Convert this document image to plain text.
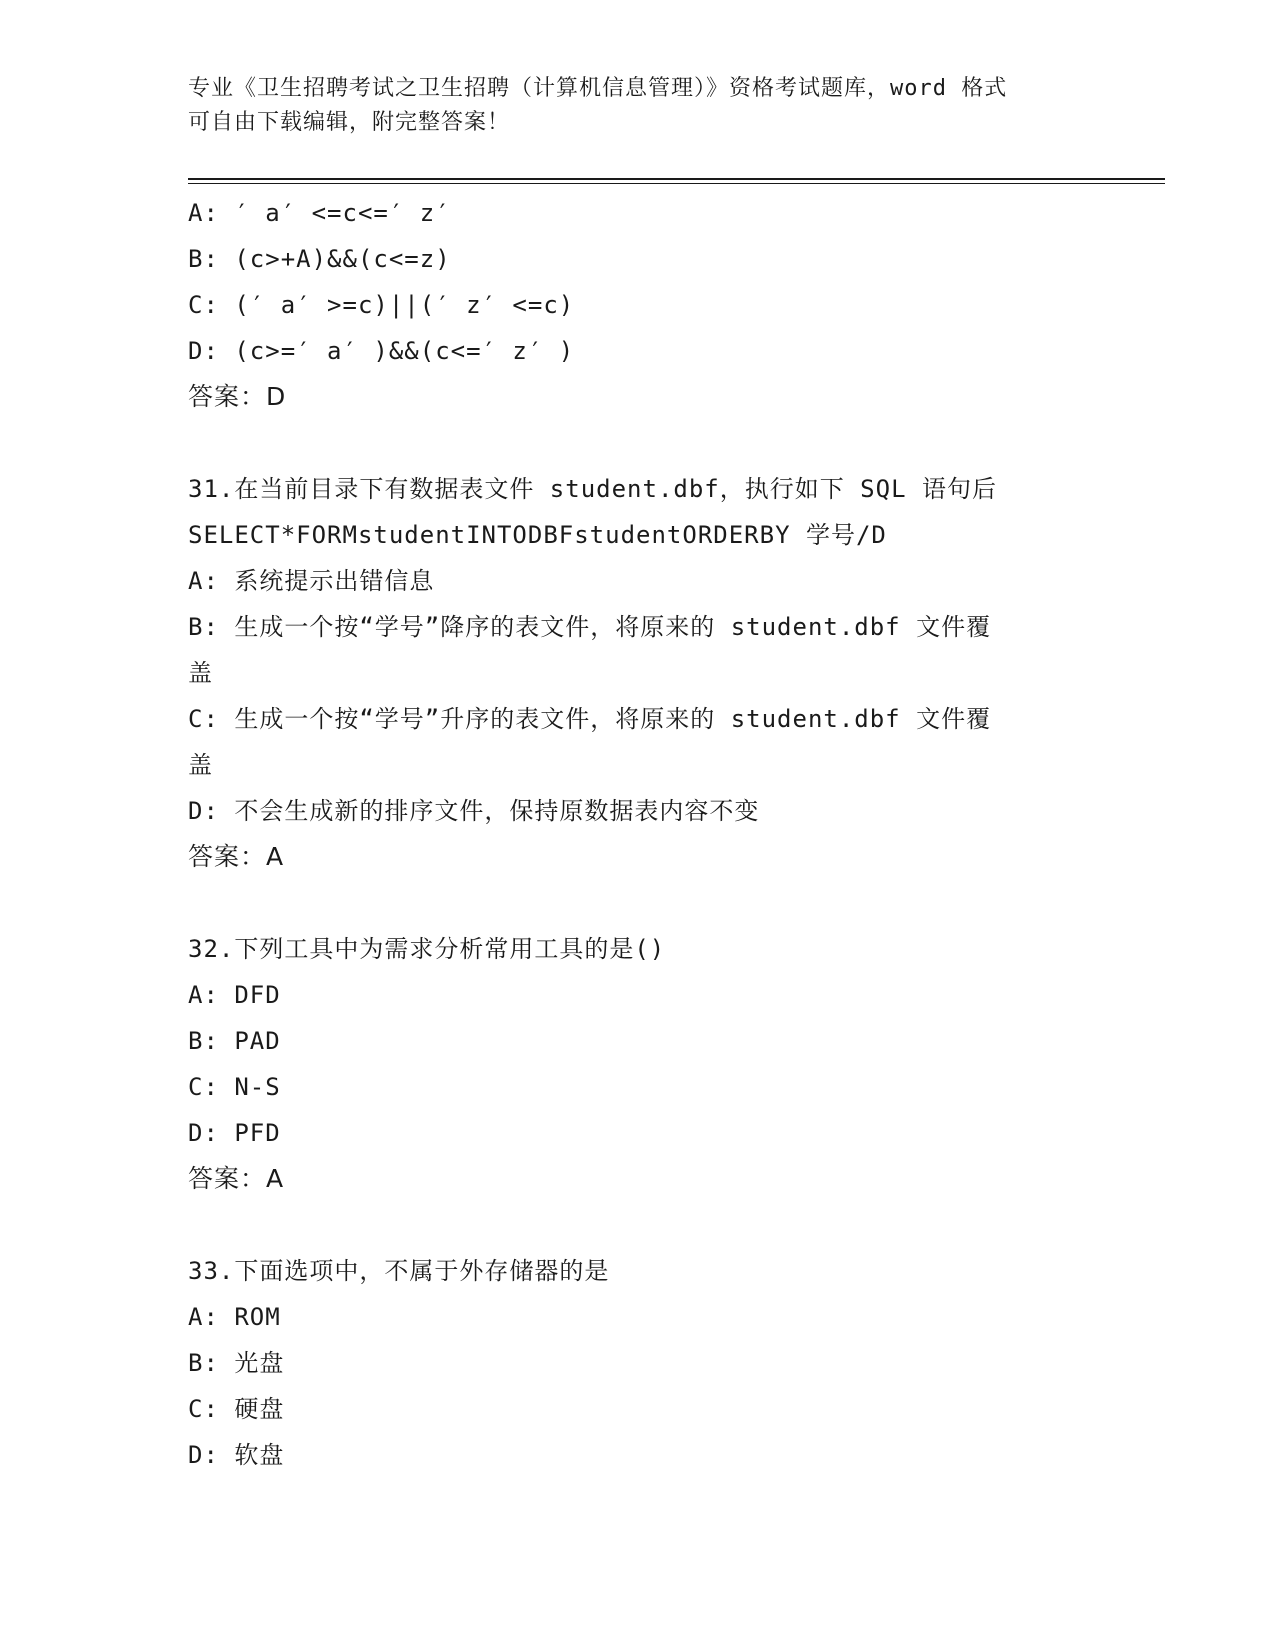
专业《卫生招聘考试之卫生招聘（计算机信息管理）》资格考试题库，word 格式
可自由下载编辑，附完整答案！
A: ′ a′ <=c<=′ z′
B: (c>+A)&&(c<=z)
C: (′ a′ >=c)||(′ z′ <=c)
D: (c>=′ a′ )&&(c<=′ z′ )
答案：D
31.在当前目录下有数据表文件 student.dbf，执行如下 SQL 语句后
SELECT*FORMstudentINTODBFstudentORDERBY 学号/D
A: 系统提示出错信息
B: 生成一个按“学号”降序的表文件，将原来的 student.dbf 文件覆
盖
C: 生成一个按“学号”升序的表文件，将原来的 student.dbf 文件覆
盖
D: 不会生成新的排序文件，保持原数据表内容不变
答案：A
32.下列工具中为需求分析常用工具的是()
A: DFD
B: PAD
C: N-S
D: PFD
答案：A
33.下面选项中，不属于外存储器的是
A: ROM
B: 光盘
C: 硬盘
D: 软盘
